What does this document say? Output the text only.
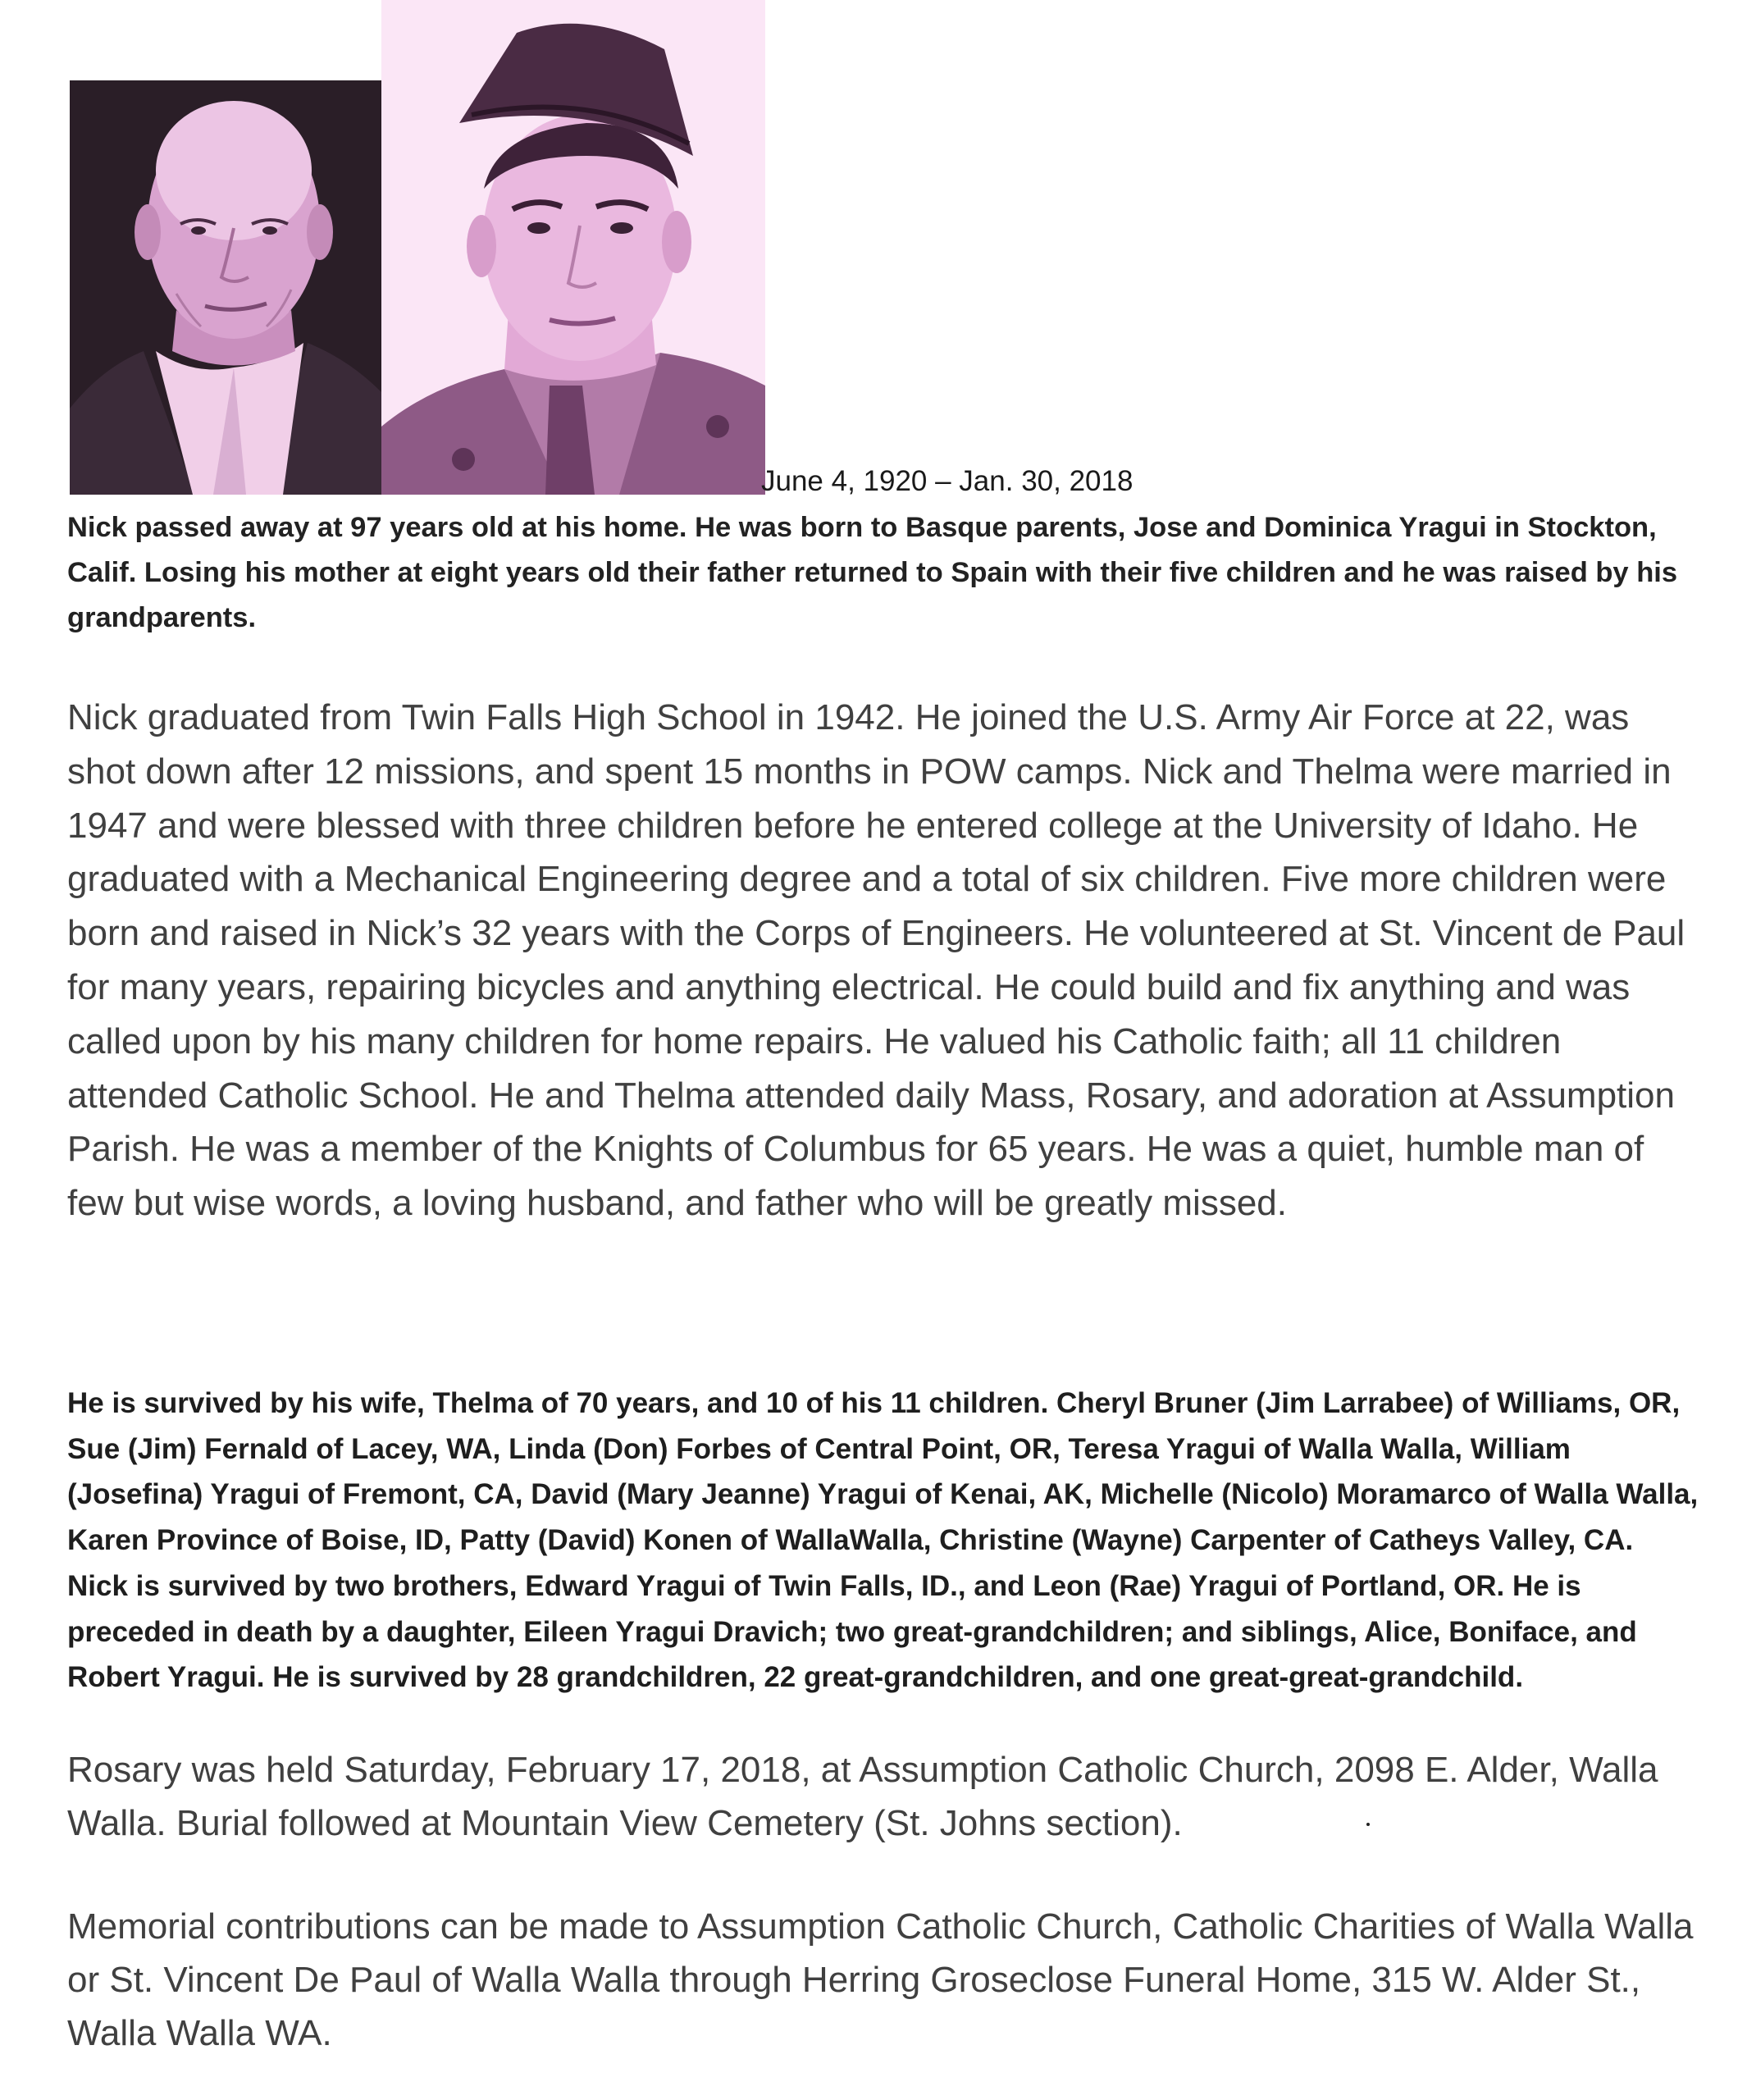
June 4, 1920 – Jan. 30, 2018

Nick passed away at 97 years old at his home. He was born to Basque parents, Jose and Dominica Yragui in Stockton, Calif. Losing his mother at eight years old their father returned to Spain with their five children and he was raised by his grandparents.

Nick graduated from Twin Falls High School in 1942. He joined the U.S. Army Air Force at 22, was shot down after 12 missions, and spent 15 months in POW camps. Nick and Thelma were married in 1947 and were blessed with three children before he entered college at the University of Idaho. He graduated with a Mechanical Engineering degree and a total of six children. Five more children were born and raised in Nick’s 32 years with the Corps of Engineers. He volunteered at St. Vincent de Paul for many years, repairing bicycles and anything electrical. He could build and fix anything and was called upon by his many children for home repairs. He valued his Catholic faith; all 11 children attended Catholic School. He and Thelma attended daily Mass, Rosary, and adoration at Assumption Parish. He was a member of the Knights of Columbus for 65 years. He was a quiet, humble man of few but wise words, a loving husband, and father who will be greatly missed.

He is survived by his wife, Thelma of 70 years, and 10 of his 11 children. Cheryl Bruner (Jim Larrabee) of Williams, OR, Sue (Jim) Fernald of Lacey, WA, Linda (Don) Forbes of Central Point, OR, Teresa Yragui of Walla Walla, William (Josefina) Yragui of Fremont, CA, David (Mary Jeanne) Yragui of Kenai, AK, Michelle (Nicolo) Moramarco of Walla Walla, Karen Province of Boise, ID, Patty (David) Konen of WallaWalla, Christine (Wayne) Carpenter of Catheys Valley, CA. Nick is survived by two brothers, Edward Yragui of Twin Falls, ID., and Leon (Rae) Yragui of Portland, OR. He is preceded in death by a daughter, Eileen Yragui Dravich; two great-grandchildren; and siblings, Alice, Boniface, and Robert Yragui. He is survived by 28 grandchildren, 22 great-grandchildren, and one great-great-grandchild.

Rosary was held Saturday, February 17, 2018, at Assumption Catholic Church, 2098 E. Alder, Walla Walla. Burial followed at Mountain View Cemetery (St. Johns section).

Memorial contributions can be made to Assumption Catholic Church, Catholic Charities of Walla Walla or St. Vincent De Paul of Walla Walla through Herring Groseclose Funeral Home, 315 W. Alder St., Walla Walla WA.
